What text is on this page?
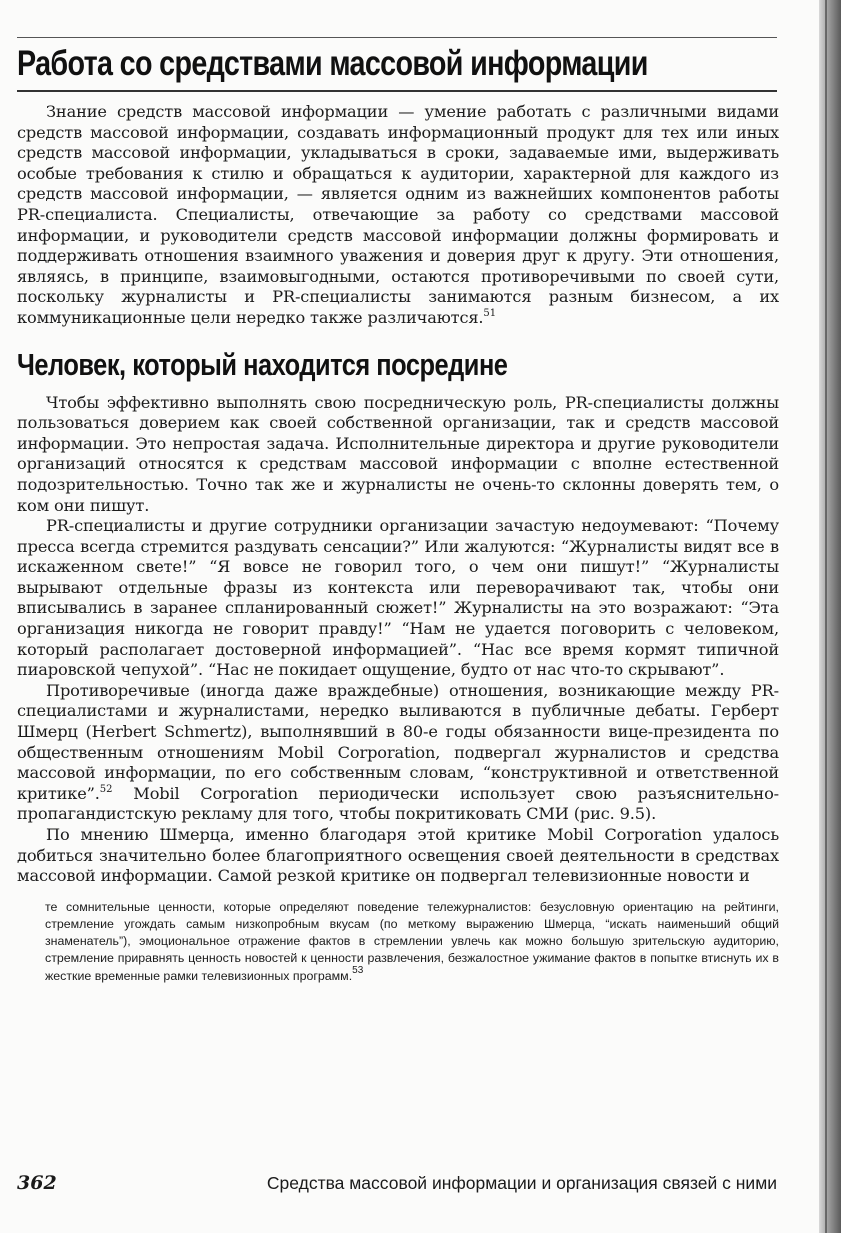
Работа со средствами массовой информации

Знание средств массовой информации — умение работать с различными видами средств массовой информации, создавать информационный продукт для тех или иных средств массовой информации, укладываться в сроки, задаваемые ими, выдерживать особые требования к стилю и обращаться к аудитории, характерной для каждого из средств массовой информации, — является одним из важнейших компонентов работы PR-специалиста. Специалисты, отвечающие за работу со средствами массовой информации, и руководители средств массовой информации должны формировать и поддерживать отношения взаимного уважения и доверия друг к другу. Эти отношения, являясь, в принципе, взаимовыгодными, остаются противоречивыми по своей сути, поскольку журналисты и PR-специалисты занимаются разным бизнесом, а их коммуникационные цели нередко также различаются.$^{51}$

Человек, который находится посредине

Чтобы эффективно выполнять свою посредническую роль, PR-специалисты должны пользоваться доверием как своей собственной организации, так и средств массовой информации. Это непростая задача. Исполнительные директора и другие руководители организаций относятся к средствам массовой информации с вполне естественной подозрительностью. Точно так же и журналисты не очень-то склонны доверять тем, о ком они пишут.

PR-специалисты и другие сотрудники организации зачастую недоумевают: “Почему пресса всегда стремится раздувать сенсации?” Или жалуются: “Журналисты видят все в искаженном свете!” “Я вовсе не говорил того, о чем они пишут!” “Журналисты вырывают отдельные фразы из контекста или переворачивают так, чтобы они вписывались в заранее спланированный сюжет!” Журналисты на это возражают: “Эта организация никогда не говорит правду!” “Нам не удается поговорить с человеком, который располагает достоверной информацией”. “Нас все время кормят типичной пиаровской чепухой”. “Нас не покидает ощущение, будто от нас что-то скрывают”.

Противоречивые (иногда даже враждебные) отношения, возникающие между PR-специалистами и журналистами, нередко выливаются в публичные дебаты. Герберт Шмерц (Herbert Schmertz), выполнявший в 80-е годы обязанности вице-президента по общественным отношениям Mobil Corporation, подвергал журналистов и средства массовой информации, по его собственным словам, “конструктивной и ответственной критике”.$^{52}$ Mobil Corporation периодически использует свою разъяснительно-пропагандистскую рекламу для того, чтобы покритиковать СМИ (рис. 9.5).

По мнению Шмерца, именно благодаря этой критике Mobil Corporation удалось добиться значительно более благоприятного освещения своей деятельности в средствах массовой информации. Самой резкой критике он подвергал телевизионные новости и

те сомнительные ценности, которые определяют поведение тележурналистов: безусловную ориентацию на рейтинги, стремление угождать самым низкопробным вкусам (по меткому выражению Шмерца, “искать наименьший общий знаменатель”), эмоциональное отражение фактов в стремлении увлечь как можно большую зрительскую аудиторию, стремление приравнять ценность новостей к ценности развлечения, безжалостное ужимание фактов в попытке втиснуть их в жесткие временные рамки телевизионных программ.$^{53}$
362	Средства массовой информации и организация связей с ними
